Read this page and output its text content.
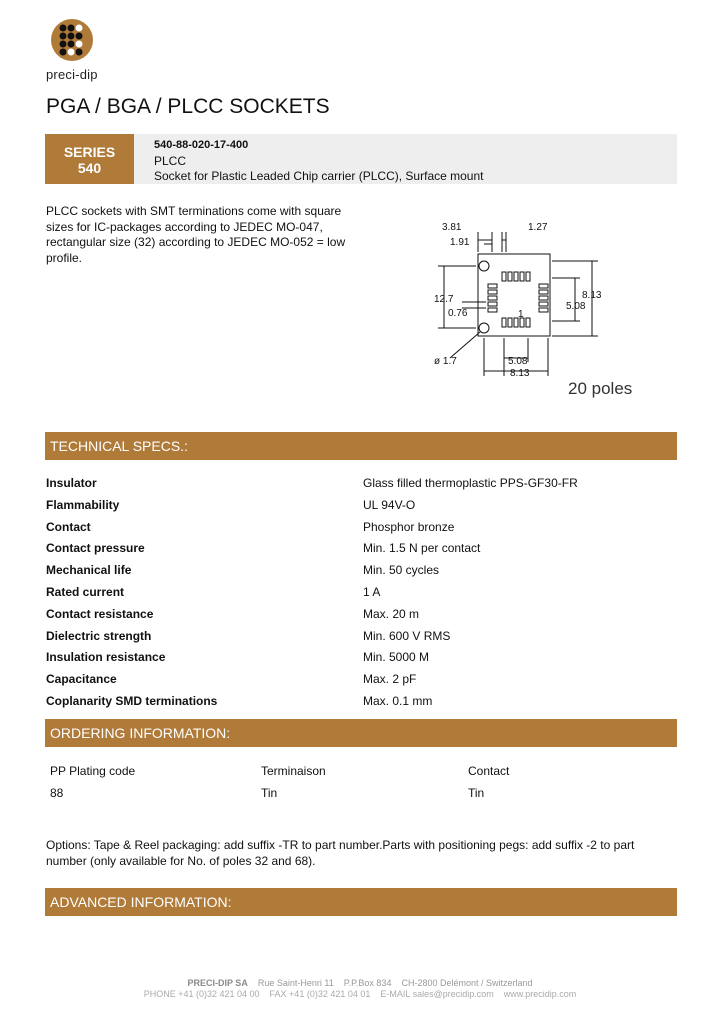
preci-dip
PGA / BGA / PLCC SOCKETS
SERIES
540
540-88-020-17-400
PLCC
Socket for Plastic Leaded Chip carrier (PLCC), Surface mount
PLCC sockets with SMT terminations come with square sizes for IC-packages according to JEDEC MO-047, rectangular size (32) according to JEDEC MO-052 = low profile.
3.81	1.27
1.91
12.7
0.76
8.13
5.08
1
ø 1.7	5.08
8.13
20 poles
TECHNICAL SPECS.:
Insulator	Glass filled thermoplastic PPS-GF30-FR
Flammability	UL 94V-O
Contact	Phosphor bronze
Contact pressure	Min. 1.5 N per contact
Mechanical life	Min. 50 cycles
Rated current	1 A
Contact resistance	Max. 20 m
Dielectric strength	Min. 600 V RMS
Insulation resistance	Min. 5000 M
Capacitance	Max. 2 pF
Coplanarity SMD terminations	Max. 0.1 mm
ORDERING INFORMATION:
PP Plating code	Terminaison	Contact
88	Tin	Tin
Options: Tape & Reel packaging: add suffix -TR to part number.Parts with positioning pegs: add suffix -2 to part number (only available for No. of poles 32 and 68).
ADVANCED INFORMATION:
PRECI-DIP SA Rue Saint-Henri 11 P.P.Box 834 CH-2800 Delémont / Switzerland
PHONE +41 (0)32 421 04 00 FAX +41 (0)32 421 04 01 E-MAIL sales@precidip.com www.precidip.com
